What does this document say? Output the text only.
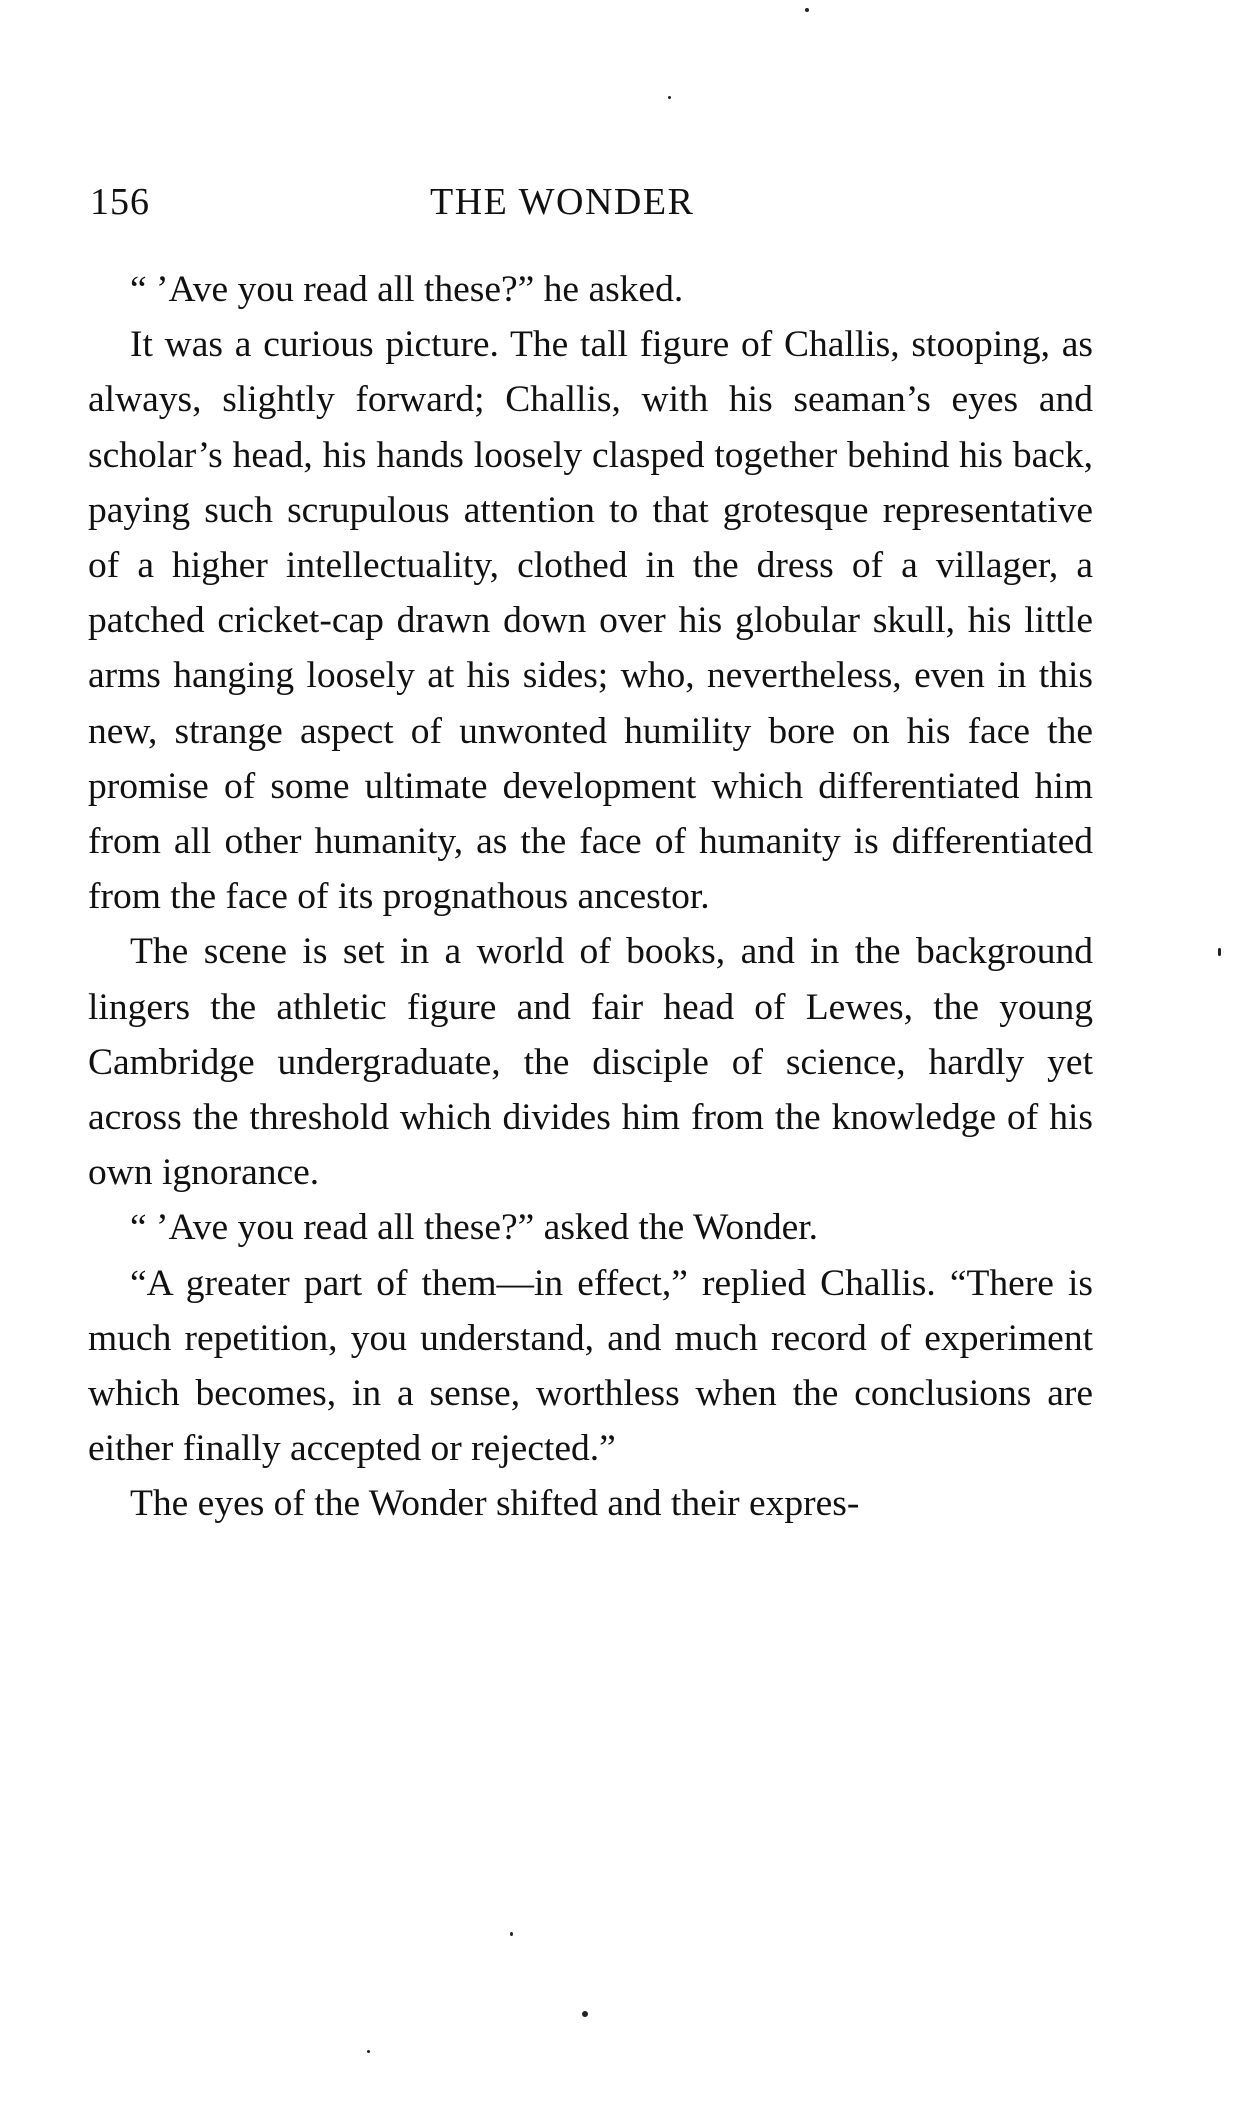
156	THE WONDER

“ ’Ave you read all these?” he asked.

It was a curious picture. The tall figure of Challis, stooping, as always, slightly forward; Challis, with his seaman’s eyes and scholar’s head, his hands loosely clasped together behind his back, paying such scrupulous attention to that grotesque representative of a higher intellectuality, clothed in the dress of a villager, a patched cricket-cap drawn down over his globular skull, his little arms hanging loosely at his sides; who, nevertheless, even in this new, strange aspect of unwonted humility bore on his face the promise of some ultimate development which differentiated him from all other humanity, as the face of humanity is differentiated from the face of its prognathous ancestor.

The scene is set in a world of books, and in the background lingers the athletic figure and fair head of Lewes, the young Cambridge undergraduate, the disciple of science, hardly yet across the threshold which divides him from the knowledge of his own ignorance.

“ ’Ave you read all these?” asked the Wonder.

“A greater part of them—in effect,” replied Challis. “There is much repetition, you understand, and much record of experiment which becomes, in a sense, worthless when the conclusions are either finally accepted or rejected.”

The eyes of the Wonder shifted and their expres-
